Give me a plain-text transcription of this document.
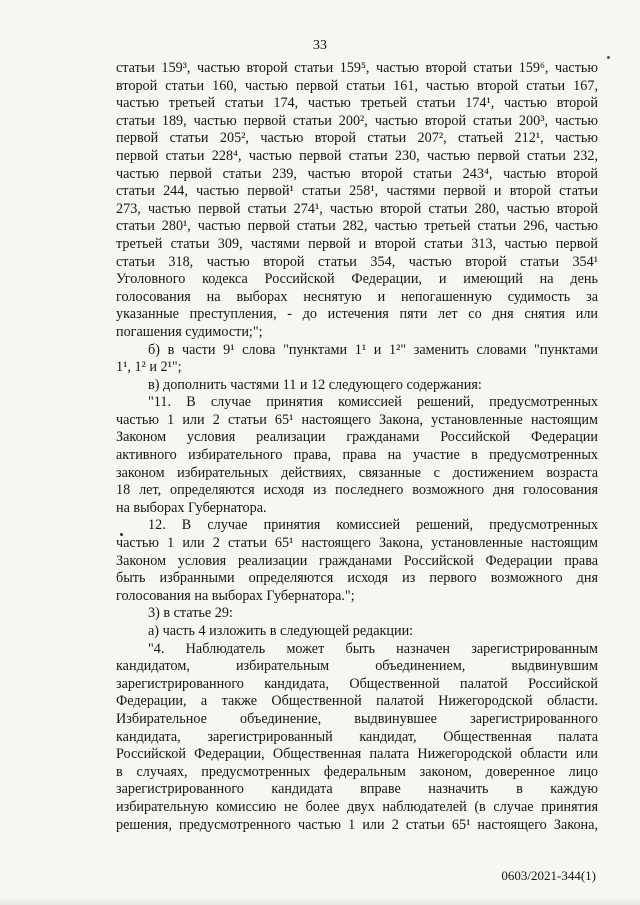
33

статьи 159³, частью второй статьи 159⁵, частью второй статьи 159⁶, частью

второй статьи 160, частью первой статьи 161, частью второй статьи 167,

частью третьей статьи 174, частью третьей статьи 174¹, частью второй

статьи 189, частью первой статьи 200², частью второй статьи 200³, частью

первой статьи 205², частью второй статьи 207², статьей 212¹, частью

первой статьи 228⁴, частью первой статьи 230, частью первой статьи 232,

частью первой статьи 239, частью второй статьи 243⁴, частью второй

статьи 244, частью первой¹ статьи 258¹, частями первой и второй статьи

273, частью первой статьи 274¹, частью второй статьи 280, частью второй

статьи 280¹, частью первой статьи 282, частью третьей статьи 296, частью

третьей статьи 309, частями первой и второй статьи 313, частью первой

статьи 318, частью второй статьи 354, частью второй статьи 354¹

Уголовного кодекса Российской Федерации, и имеющий на день

голосования на выборах неснятую и непогашенную судимость за

указанные преступления, - до истечения пяти лет со дня снятия или

погашения судимости;";

б) в части 9¹ слова "пунктами 1¹ и 1²" заменить словами "пунктами

1¹, 1² и 2¹";

в) дополнить частями 11 и 12 следующего содержания:

"11. В случае принятия комиссией решений, предусмотренных

частью 1 или 2 статьи 65¹ настоящего Закона, установленные настоящим

Законом условия реализации гражданами Российской Федерации

активного избирательного права, права на участие в предусмотренных

законом избирательных действиях, связанные с достижением возраста

18 лет, определяются исходя из последнего возможного дня голосования

на выборах Губернатора.

12. В случае принятия комиссией решений, предусмотренных

частью 1 или 2 статьи 65¹ настоящего Закона, установленные настоящим

Законом условия реализации гражданами Российской Федерации права

быть избранными определяются исходя из первого возможного дня

голосования на выборах Губернатора.";

3) в статье 29:

а) часть 4 изложить в следующей редакции:

"4. Наблюдатель может быть назначен зарегистрированным

кандидатом, избирательным объединением, выдвинувшим

зарегистрированного кандидата, Общественной палатой Российской

Федерации, а также Общественной палатой Нижегородской области.

Избирательное объединение, выдвинувшее зарегистрированного

кандидата, зарегистрированный кандидат, Общественная палата

Российской Федерации, Общественная палата Нижегородской области или

в случаях, предусмотренных федеральным законом, доверенное лицо

зарегистрированного кандидата вправе назначить в каждую

избирательную комиссию не более двух наблюдателей (в случае принятия

решения, предусмотренного частью 1 или 2 статьи 65¹ настоящего Закона,

0603/2021-344(1)
